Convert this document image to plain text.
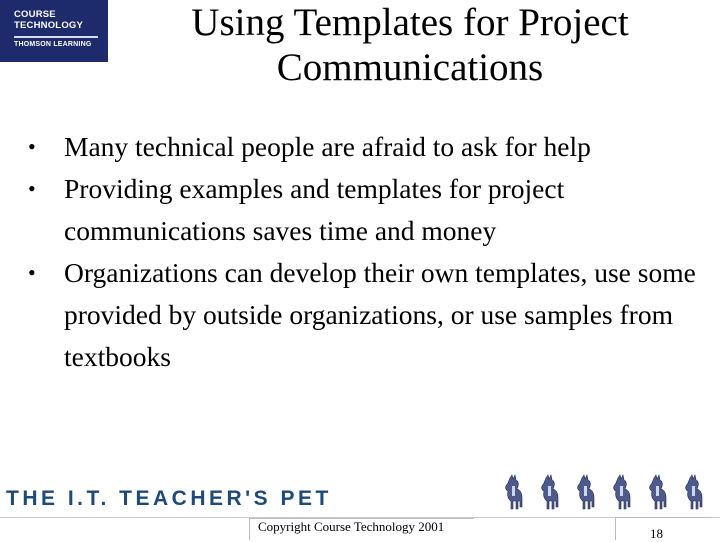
COURSE
TECHNOLOGY
THOMSON LEARNING
Using Templates for Project
Communications
•	Many technical people are afraid to ask for help
•	Providing examples and templates for project communications saves time and money
•	Organizations can develop their own templates, use some provided by outside organizations, or use samples from textbooks
THE I.T. TEACHER'S PET
Copyright Course Technology 2001	18
